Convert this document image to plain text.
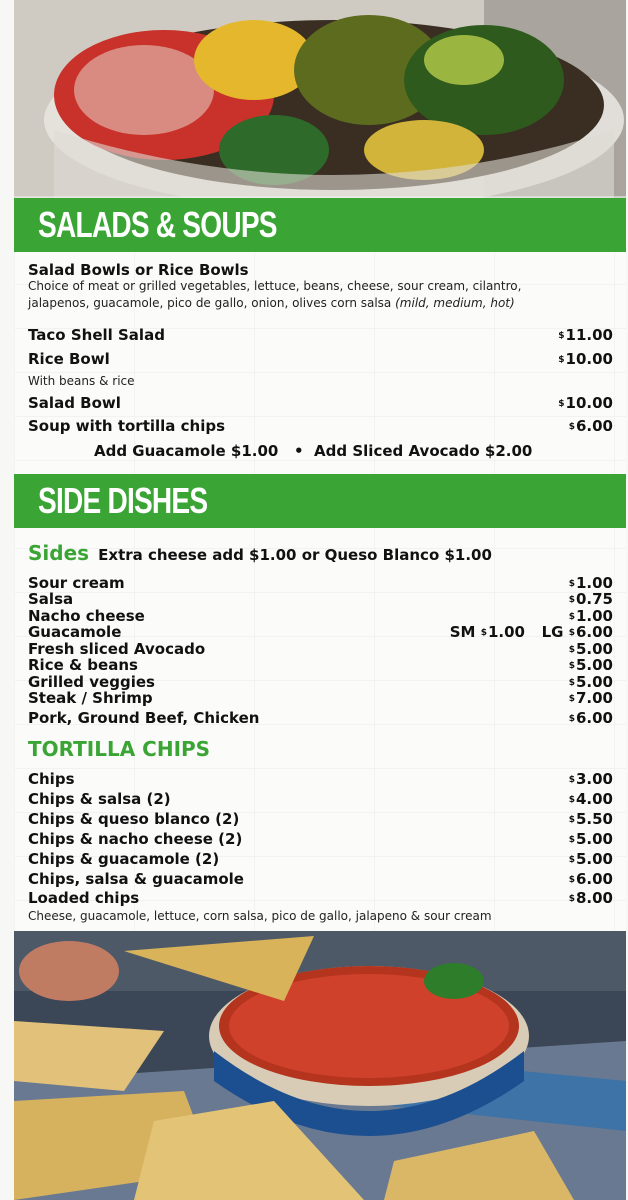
SALADS & SOUPS
Salad Bowls or Rice Bowls
Choice of meat or grilled vegetables, lettuce, beans, cheese, sour cream, cilantro,
jalapenos, guacamole, pico de gallo, onion, olives corn salsa (mild, medium, hot)
Taco Shell Salad	$11.00
Rice Bowl	$10.00
With beans & rice
Salad Bowl	$10.00
Soup with tortilla chips	$6.00
Add Guacamole $1.00   •  Add Sliced Avocado $2.00
SIDE DISHES
Sides Extra cheese add $1.00 or Queso Blanco $1.00
Sour cream	$1.00
Salsa	$0.75
Nacho cheese	$1.00
Guacamole	SM $1.00 LG $6.00
Fresh sliced Avocado	$5.00
Rice & beans	$5.00
Grilled veggies	$5.00
Steak / Shrimp	$7.00
Pork, Ground Beef, Chicken	$6.00
TORTILLA CHIPS
Chips	$3.00
Chips & salsa (2)	$4.00
Chips & queso blanco (2)	$5.50
Chips & nacho cheese (2)	$5.00
Chips & guacamole (2)	$5.00
Chips, salsa & guacamole	$6.00
Loaded chips	$8.00
Cheese, guacamole, lettuce, corn salsa, pico de gallo, jalapeno & sour cream
